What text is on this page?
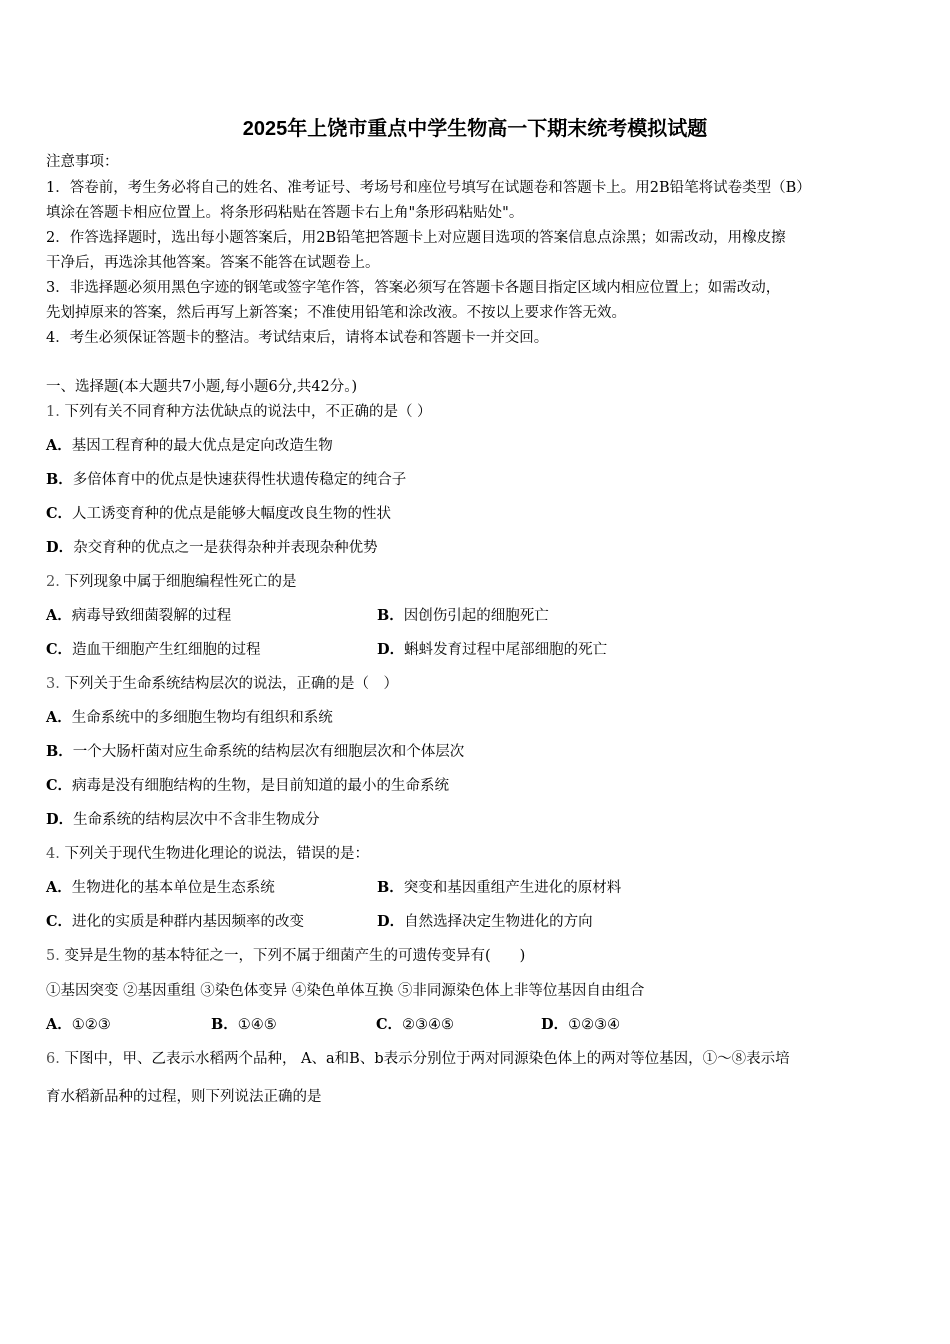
2025年上饶市重点中学生物高一下期末统考模拟试题
注意事项：
1．答卷前，考生务必将自己的姓名、准考证号、考场号和座位号填写在试题卷和答题卡上。用2B铅笔将试卷类型（B）
填涂在答题卡相应位置上。将条形码粘贴在答题卡右上角"条形码粘贴处"。
2．作答选择题时，选出每小题答案后，用2B铅笔把答题卡上对应题目选项的答案信息点涂黑；如需改动，用橡皮擦
干净后，再选涂其他答案。答案不能答在试题卷上。
3．非选择题必须用黑色字迹的钢笔或签字笔作答，答案必须写在答题卡各题目指定区域内相应位置上；如需改动，
先划掉原来的答案，然后再写上新答案；不准使用铅笔和涂改液。不按以上要求作答无效。
4．考生必须保证答题卡的整洁。考试结束后，请将本试卷和答题卡一并交回。
一、选择题(本大题共7小题,每小题6分,共42分。)
1. 下列有关不同育种方法优缺点的说法中，不正确的是（ ）
A．基因工程育种的最大优点是定向改造生物
B．多倍体育中的优点是快速获得性状遗传稳定的纯合子
C．人工诱变育种的优点是能够大幅度改良生物的性状
D．杂交育种的优点之一是获得杂种并表现杂种优势
2. 下列现象中属于细胞编程性死亡的是
A．病毒导致细菌裂解的过程	B．因创伤引起的细胞死亡
C．造血干细胞产生红细胞的过程	D．蝌蚪发育过程中尾部细胞的死亡
3. 下列关于生命系统结构层次的说法，正确的是（　）
A．生命系统中的多细胞生物均有组织和系统
B．一个大肠杆菌对应生命系统的结构层次有细胞层次和个体层次
C．病毒是没有细胞结构的生物，是目前知道的最小的生命系统
D．生命系统的结构层次中不含非生物成分
4. 下列关于现代生物进化理论的说法，错误的是：
A．生物进化的基本单位是生态系统	B．突变和基因重组产生进化的原材料
C．进化的实质是种群内基因频率的改变	D．自然选择决定生物进化的方向
5. 变异是生物的基本特征之一，下列不属于细菌产生的可遗传变异有(　　)
①基因突变 ②基因重组 ③染色体变异 ④染色单体互换 ⑤非同源染色体上非等位基因自由组合
A．①②③	B．①④⑤	C．②③④⑤	D．①②③④
6. 下图中，甲、乙表示水稻两个品种， A、a和B、b表示分别位于两对同源染色体上的两对等位基因，①～⑧表示培
育水稻新品种的过程，则下列说法正确的是
